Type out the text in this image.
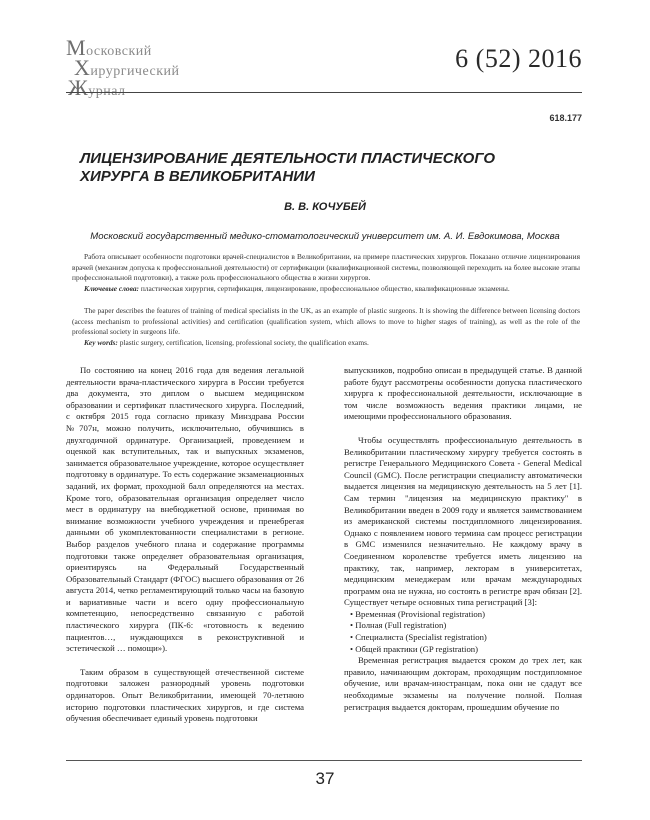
Московский
Хирургический
Журнал
6 (52) 2016
618.177
ЛИЦЕНЗИРОВАНИЕ ДЕЯТЕЛЬНОСТИ ПЛАСТИЧЕСКОГО ХИРУРГА В ВЕЛИКОБРИТАНИИ
В. В. КОЧУБЕЙ
Московский государственный медико-стоматологический университет им. А. И. Евдокимова, Москва

Работа описывает особенности подготовки врачей-специалистов в Великобритании, на примере пластических хирургов. Показано отличие лицензирования врачей (механизм допуска к профессиональной деятельности) от сертификации (квалификационной системы, позволяющей переходить на более высокие этапы профессиональной подготовки), а также роль профессионального общества в жизни хирургов.

Ключевые слова: пластическая хирургия, сертификация, лицензирование, профессиональное общество, квалификационные экзамены.

The paper describes the features of training of medical specialists in the UK, as an example of plastic surgeons. It is showing the difference between licensing doctors (access mechanism to professional activities) and certification (qualification system, which allows to move to higher stages of training), as well as the role of the professional society in surgeons life.

Key words: plastic surgery, certification, licensing, professional society, the qualification exams.

По состоянию на конец 2016 года для ведения легальной деятельности врача-пластического хирурга в России требуется два документа, это диплом о высшем медицинском образовании и сертификат пластического хирурга. Последний, с октября 2015 года согласно приказу Минздрава России №707н, можно получить, исключительно, обучившись в двухгодичной ординатуре. Организацией, проведением и оценкой как вступительных, так и выпускных экзаменов, занимается образовательное учреждение, которое осуществляет подготовку в ординатуре. То есть содержание экзаменационных заданий, их формат, проходной балл определяются на местах. Кроме того, образовательная организация определяет число мест в ординатуру на внебюджетной основе, принимая во внимание возможности учебного учреждения и пренебрегая данными об укомплектованности специалистами в регионе. Выбор разделов учебного плана и содержание программы подготовки также определяет образовательная организация, ориентируясь на Федеральный Государственный Образовательный Стандарт (ФГОС) высшего образования от 26 августа 2014, четко регламентирующий только часы на базовую и вариативные части и всего одну профессиональную компетенцию, непосредственно связанную с работой пластического хирурга (ПК-6: «готовность к ведению пациентов…, нуждающихся в реконструктивной и эстетической … помощи»).

Таким образом в существующей отечественной системе подготовки заложен разнородный уровень подготовки ординаторов. Опыт Великобритании, имеющей 70-летнюю историю подготовки пластических хирургов, и где система обучения обеспечивает единый уровень подготовки

выпускников, подробно описан в предыдущей статье. В данной работе будут рассмотрены особенности допуска пластического хирурга к профессиональной деятельности, исключающие в том числе возможность ведения практики лицами, не имеющими профессионального образования.

Чтобы осуществлять профессиональную деятельность в Великобритании пластическому хирургу требуется состоять в регистре Генерального Медицинского Совета - General Medical Council (GMC). После регистрации специалисту автоматически выдается лицензия на медицинскую деятельность на 5 лет [1]. Сам термин "лицензия на медицинскую практику" в Великобритании введен в 2009 году и является заимствованием из американской системы постдипломного лицензирования. Однако с появлением нового термина сам процесс регистрации в GMC изменился незначительно. Не каждому врачу в Соединенном королевстве требуется иметь лицензию на практику, так, например, лекторам в университетах, медицинским менеджерам или врачам международных программ она не нужна, но состоять в регистре врач обязан [2]. Существует четыре основных типа регистраций [3]:

• Временная (Provisional registration)
• Полная (Full registration)
• Специалиста (Specialist registration)
• Общей практики (GP registration)

Временная регистрация выдается сроком до трех лет, как правило, начинающим докторам, проходящим постдипломное обучение, или врачам-иностранцам, пока они не сдадут все необходимые экзамены на получение полной. Полная регистрация выдается докторам, прошедшим обучение по

37
